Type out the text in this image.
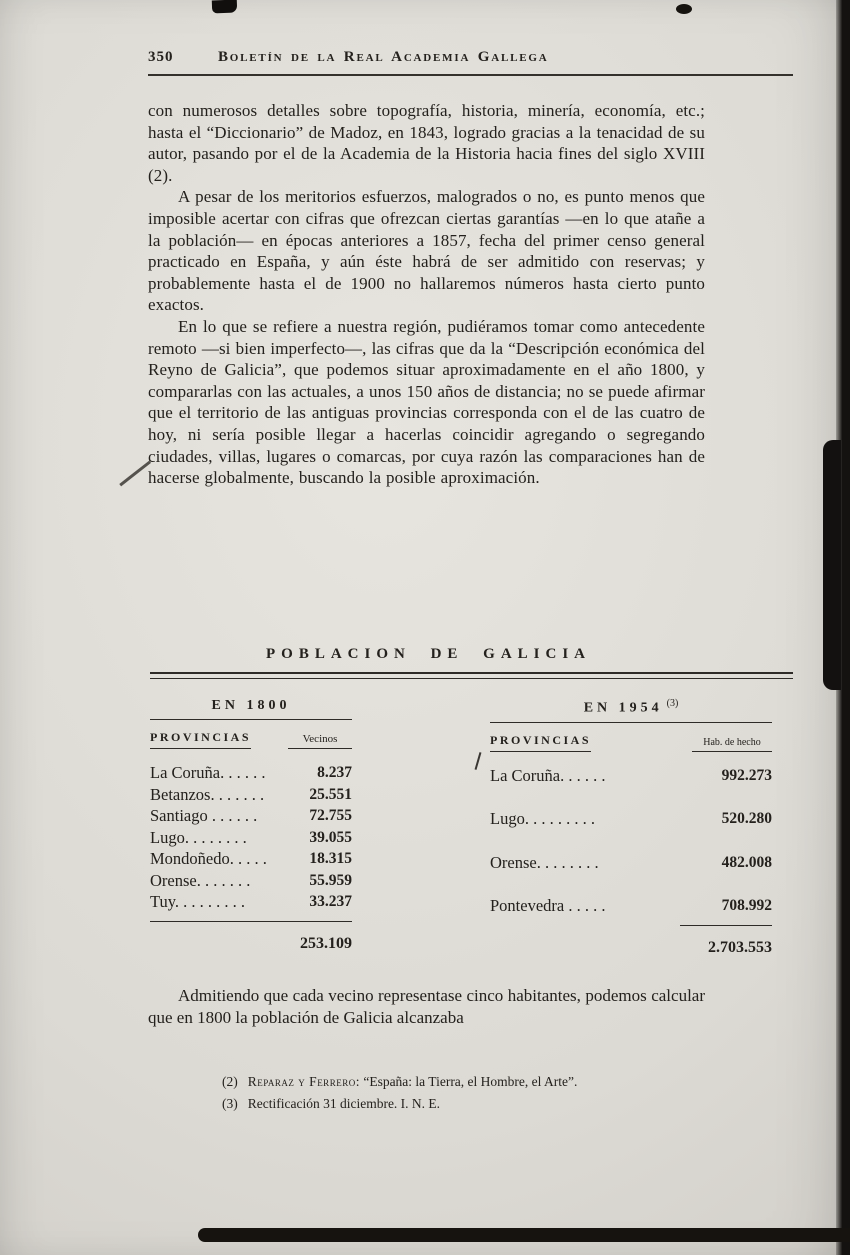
350	Boletín de la Real Academia Gallega

con numerosos detalles sobre topografía, historia, minería, economía, etc.; hasta el “Diccionario” de Madoz, en 1843, logrado gracias a la tenacidad de su autor, pasando por el de la Academia de la Historia hacia fines del siglo XVIII (2).

A pesar de los meritorios esfuerzos, malogrados o no, es punto menos que imposible acertar con cifras que ofrezcan ciertas garantías —en lo que atañe a la población— en épocas anteriores a 1857, fecha del primer censo general practicado en España, y aún éste habrá de ser admitido con reservas; y probablemente hasta el de 1900 no hallaremos números hasta cierto punto exactos.

En lo que se refiere a nuestra región, pudiéramos tomar como antecedente remoto —si bien imperfecto—, las cifras que da la “Descripción económica del Reyno de Galicia”, que podemos situar aproximadamente en el año 1800, y compararlas con las actuales, a unos 150 años de distancia; no se puede afirmar que el territorio de las antiguas provincias corresponda con el de las cuatro de hoy, ni sería posible llegar a hacerlas coincidir agregando o segregando ciudades, villas, lugares o comarcas, por cuya razón las comparaciones han de hacerse globalmente, buscando la posible aproximación.

POBLACION DE GALICIA
EN 1800
PROVINCIAS	Vecinos
La Coruña. . . . . .	8.237
Betanzos. . . . . . .	25.551
Santiago . . . . . .	72.755
Lugo. . . . . . . .	39.055
Mondoñedo. . . . .	18.315
Orense. . . . . . .	55.959
Tuy. . . . . . . . .	33.237
253.109
EN 1954 $^{(3)}$
PROVINCIAS	Hab. de hecho
La Coruña. . . . . .	992.273
Lugo. . . . . . . . .	520.280
Orense. . . . . . . .	482.008
Pontevedra . . . . .	708.992
2.703.553

Admitiendo que cada vecino representase cinco habitantes, podemos calcular que en 1800 la población de Galicia alcanzaba

(2) Reparaz y Ferrero: “España: la Tierra, el Hombre, el Arte”.
(3) Rectificación 31 diciembre. I. N. E.
